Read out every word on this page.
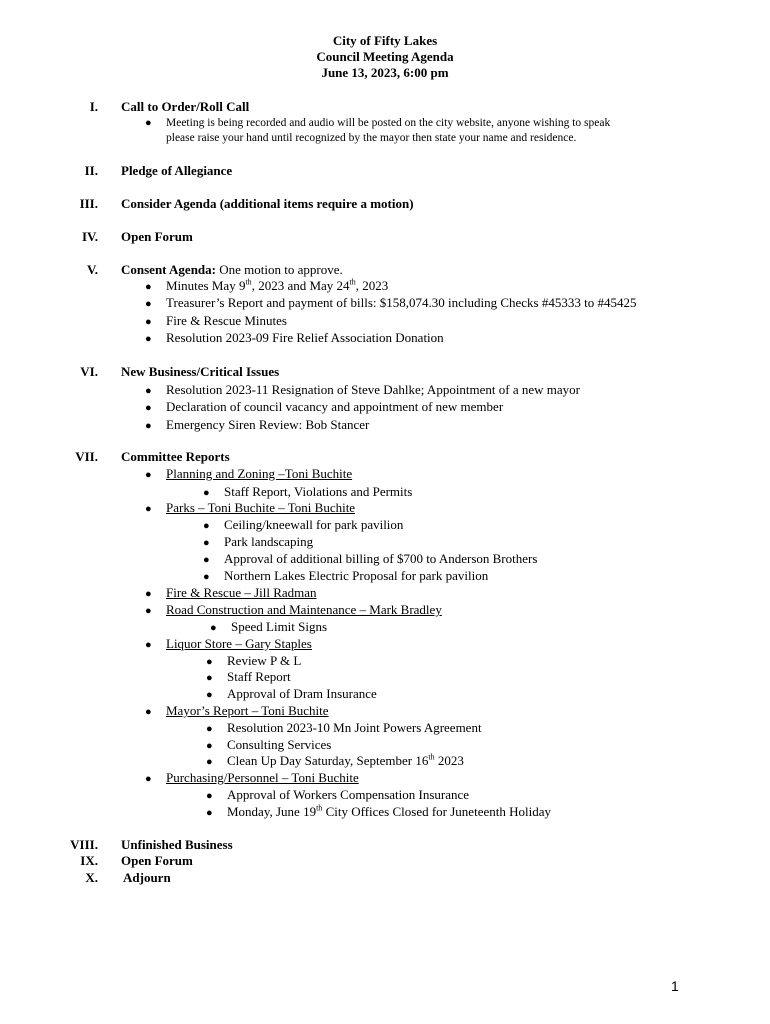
City of Fifty Lakes
Council Meeting Agenda
June 13, 2023, 6:00 pm
I. Call to Order/Roll Call
● Meeting is being recorded and audio will be posted on the city website, anyone wishing to speak
please raise your hand until recognized by the mayor then state your name and residence.
II. Pledge of Allegiance
III. Consider Agenda (additional items require a motion)
IV. Open Forum
V. Consent Agenda: One motion to approve.
● Minutes May 9th, 2023 and May 24th, 2023
● Treasurer’s Report and payment of bills: $158,074.30 including Checks #45333 to #45425
● Fire & Rescue Minutes
● Resolution 2023-09 Fire Relief Association Donation
VI. New Business/Critical Issues
● Resolution 2023-11 Resignation of Steve Dahlke; Appointment of a new mayor
● Declaration of council vacancy and appointment of new member
● Emergency Siren Review: Bob Stancer
VII. Committee Reports
● Planning and Zoning –Toni Buchite
● Staff Report, Violations and Permits
● Parks – Toni Buchite – Toni Buchite
● Ceiling/kneewall for park pavilion
● Park landscaping
● Approval of additional billing of $700 to Anderson Brothers
● Northern Lakes Electric Proposal for park pavilion
● Fire & Rescue – Jill Radman
● Road Construction and Maintenance – Mark Bradley
● Speed Limit Signs
● Liquor Store – Gary Staples
● Review P & L
● Staff Report
● Approval of Dram Insurance
● Mayor’s Report – Toni Buchite
● Resolution 2023-10 Mn Joint Powers Agreement
● Consulting Services
● Clean Up Day Saturday, September 16th 2023
● Purchasing/Personnel – Toni Buchite
● Approval of Workers Compensation Insurance
● Monday, June 19th City Offices Closed for Juneteenth Holiday
VIII. Unfinished Business
IX. Open Forum
X. Adjourn
1
